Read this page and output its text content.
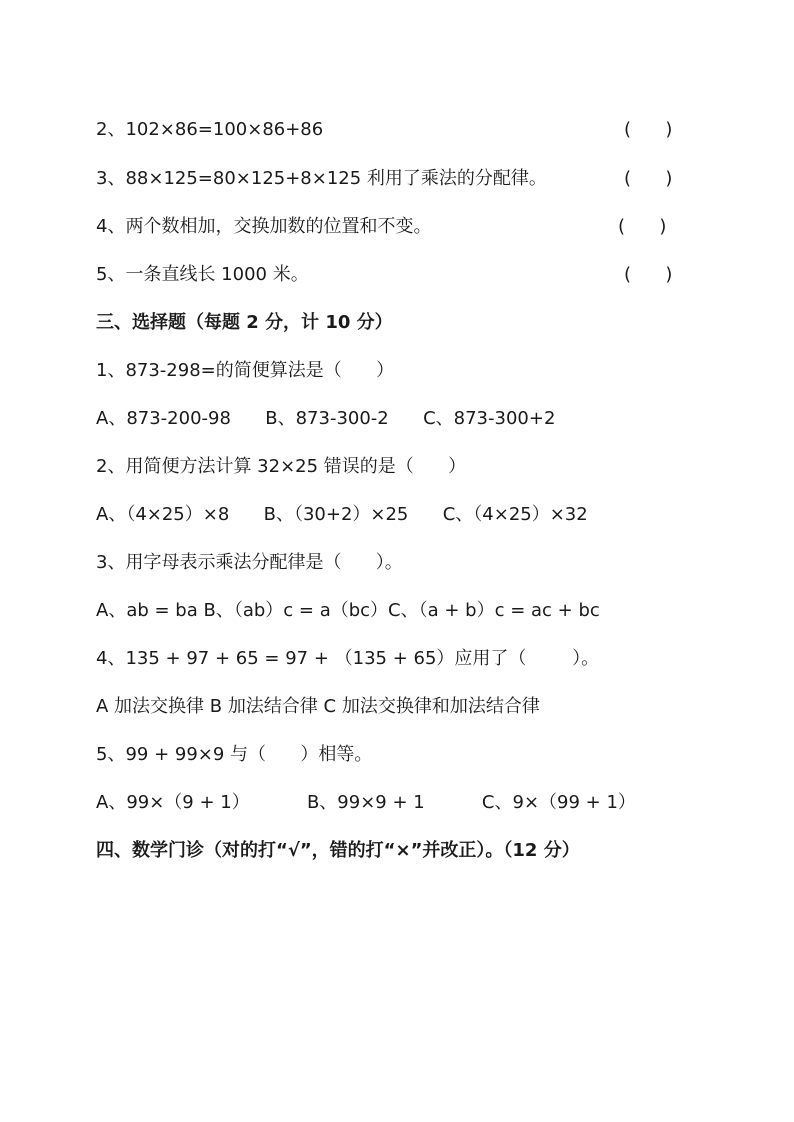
2、102×86=100×86+86	(      )
3、88×125=80×125+8×125 利用了乘法的分配律。	(      )
4、两个数相加，交换加数的位置和不变。	(      )
5、一条直线长 1000 米。	(      )
三、选择题（每题 2 分，计 10 分）
1、873-298=的简便算法是（      ）
A、873-200-98      B、873-300-2      C、873-300+2
2、用简便方法计算 32×25 错误的是（      ）
A、（4×25）×8      B、（30+2）×25      C、（4×25）×32
3、用字母表示乘法分配律是（      ）。
A、ab = ba B、（ab）c = a（bc）C、（a + b）c = ac + bc
4、135 + 97 + 65 = 97 + （135 + 65）应用了（        ）。
A 加法交换律 B 加法结合律 C 加法交换律和加法结合律
5、99 + 99×9 与（      ）相等。
A、99×（9 + 1）          B、99×9 + 1          C、9×（99 + 1）
四、数学门诊（对的打“√”，错的打“×”并改正）。（12 分）
